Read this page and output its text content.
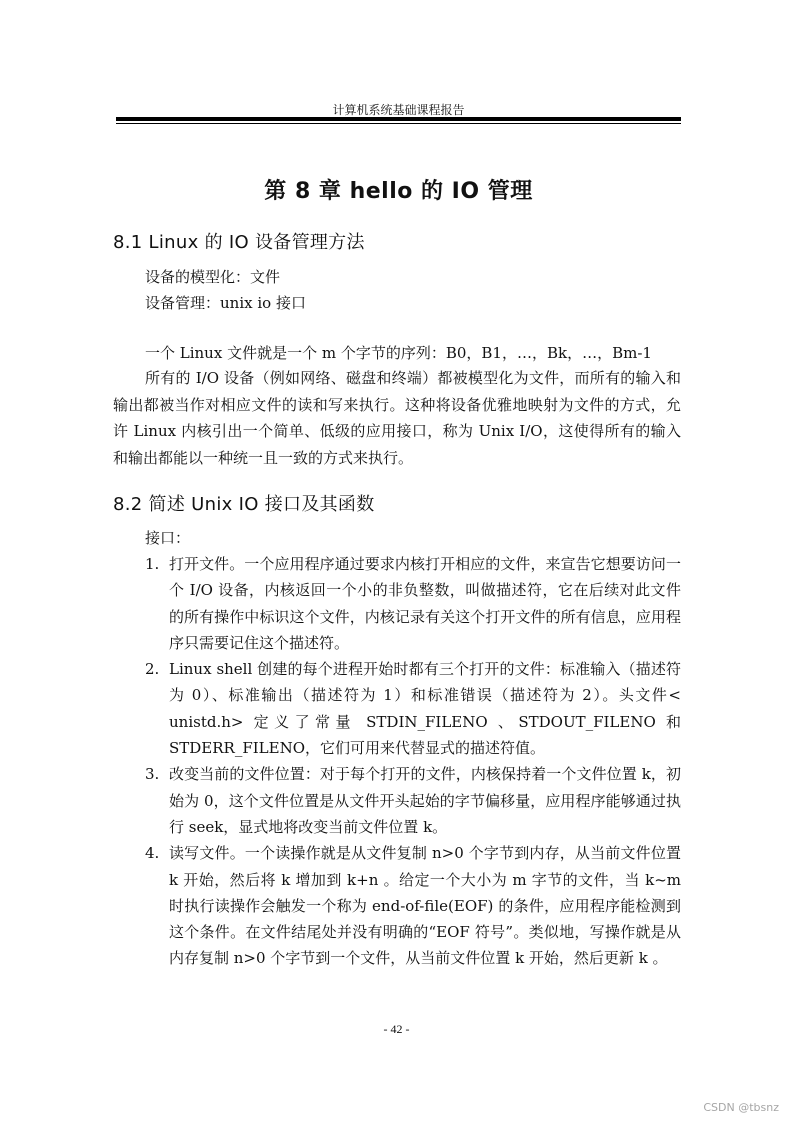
计算机系统基础课程报告
第 8 章 hello 的 IO 管理
8.1 Linux 的 IO 设备管理方法
设备的模型化：文件
设备管理：unix io 接口
一个 Linux 文件就是一个 m 个字节的序列：B0，B1，…，Bk，…，Bm-1
所有的 I/O 设备（例如网络、磁盘和终端）都被模型化为文件，而所有的输入和输出都被当作对相应文件的读和写来执行。这种将设备优雅地映射为文件的方式，允许 Linux 内核引出一个简单、低级的应用接口，称为 Unix I/O，这使得所有的输入和输出都能以一种统一且一致的方式来执行。
8.2 简述 Unix IO 接口及其函数
接口：
1. 打开文件。一个应用程序通过要求内核打开相应的文件，来宣告它想要访问一个 I/O 设备，内核返回一个小的非负整数，叫做描述符，它在后续对此文件的所有操作中标识这个文件，内核记录有关这个打开文件的所有信息，应用程序只需要记住这个描述符。
2. Linux shell 创建的每个进程开始时都有三个打开的文件：标准输入（描述符为 0）、标准输出（描述符为 1）和标准错误（描述符为 2）。头文件< unistd.h> 定义了常量 STDIN_FILENO 、STDOUT_FILENO 和 STDERR_FILENO，它们可用来代替显式的描述符值。
3. 改变当前的文件位置：对于每个打开的文件，内核保持着一个文件位置 k，初始为 0，这个文件位置是从文件开头起始的字节偏移量，应用程序能够通过执行 seek，显式地将改变当前文件位置 k。
4. 读写文件。一个读操作就是从文件复制 n>0 个字节到内存，从当前文件位置 k 开始，然后将 k 增加到 k+n 。给定一个大小为 m 字节的文件，当 k~m 时执行读操作会触发一个称为 end-of-file(EOF) 的条件，应用程序能检测到这个条件。在文件结尾处并没有明确的“EOF 符号”。类似地，写操作就是从内存复制 n>0 个字节到一个文件，从当前文件位置 k 开始，然后更新 k 。
- 42 -
CSDN @tbsnz
